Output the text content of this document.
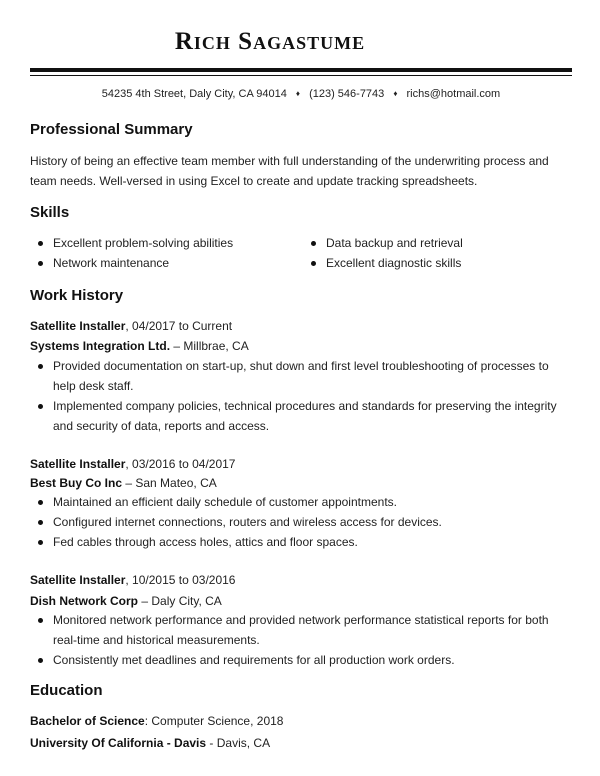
Rich Sagastume
54235 4th Street, Daly City, CA 94014 ♦ (123) 546-7743 ♦ richs@hotmail.com
Professional Summary
History of being an effective team member with full understanding of the underwriting process and team needs. Well-versed in using Excel to create and update tracking spreadsheets.
Skills
Excellent problem-solving abilities	Data backup and retrieval
Network maintenance	Excellent diagnostic skills
Work History
Satellite Installer, 04/2017 to Current
Systems Integration Ltd. – Millbrae, CA
Provided documentation on start-up, shut down and first level troubleshooting of processes to help desk staff.
Implemented company policies, technical procedures and standards for preserving the integrity and security of data, reports and access.
Satellite Installer, 03/2016 to 04/2017
Best Buy Co Inc – San Mateo, CA
Maintained an efficient daily schedule of customer appointments.
Configured internet connections, routers and wireless access for devices.
Fed cables through access holes, attics and floor spaces.
Satellite Installer, 10/2015 to 03/2016
Dish Network Corp – Daly City, CA
Monitored network performance and provided network performance statistical reports for both real-time and historical measurements.
Consistently met deadlines and requirements for all production work orders.
Education
Bachelor of Science: Computer Science, 2018
University Of California - Davis - Davis, CA
